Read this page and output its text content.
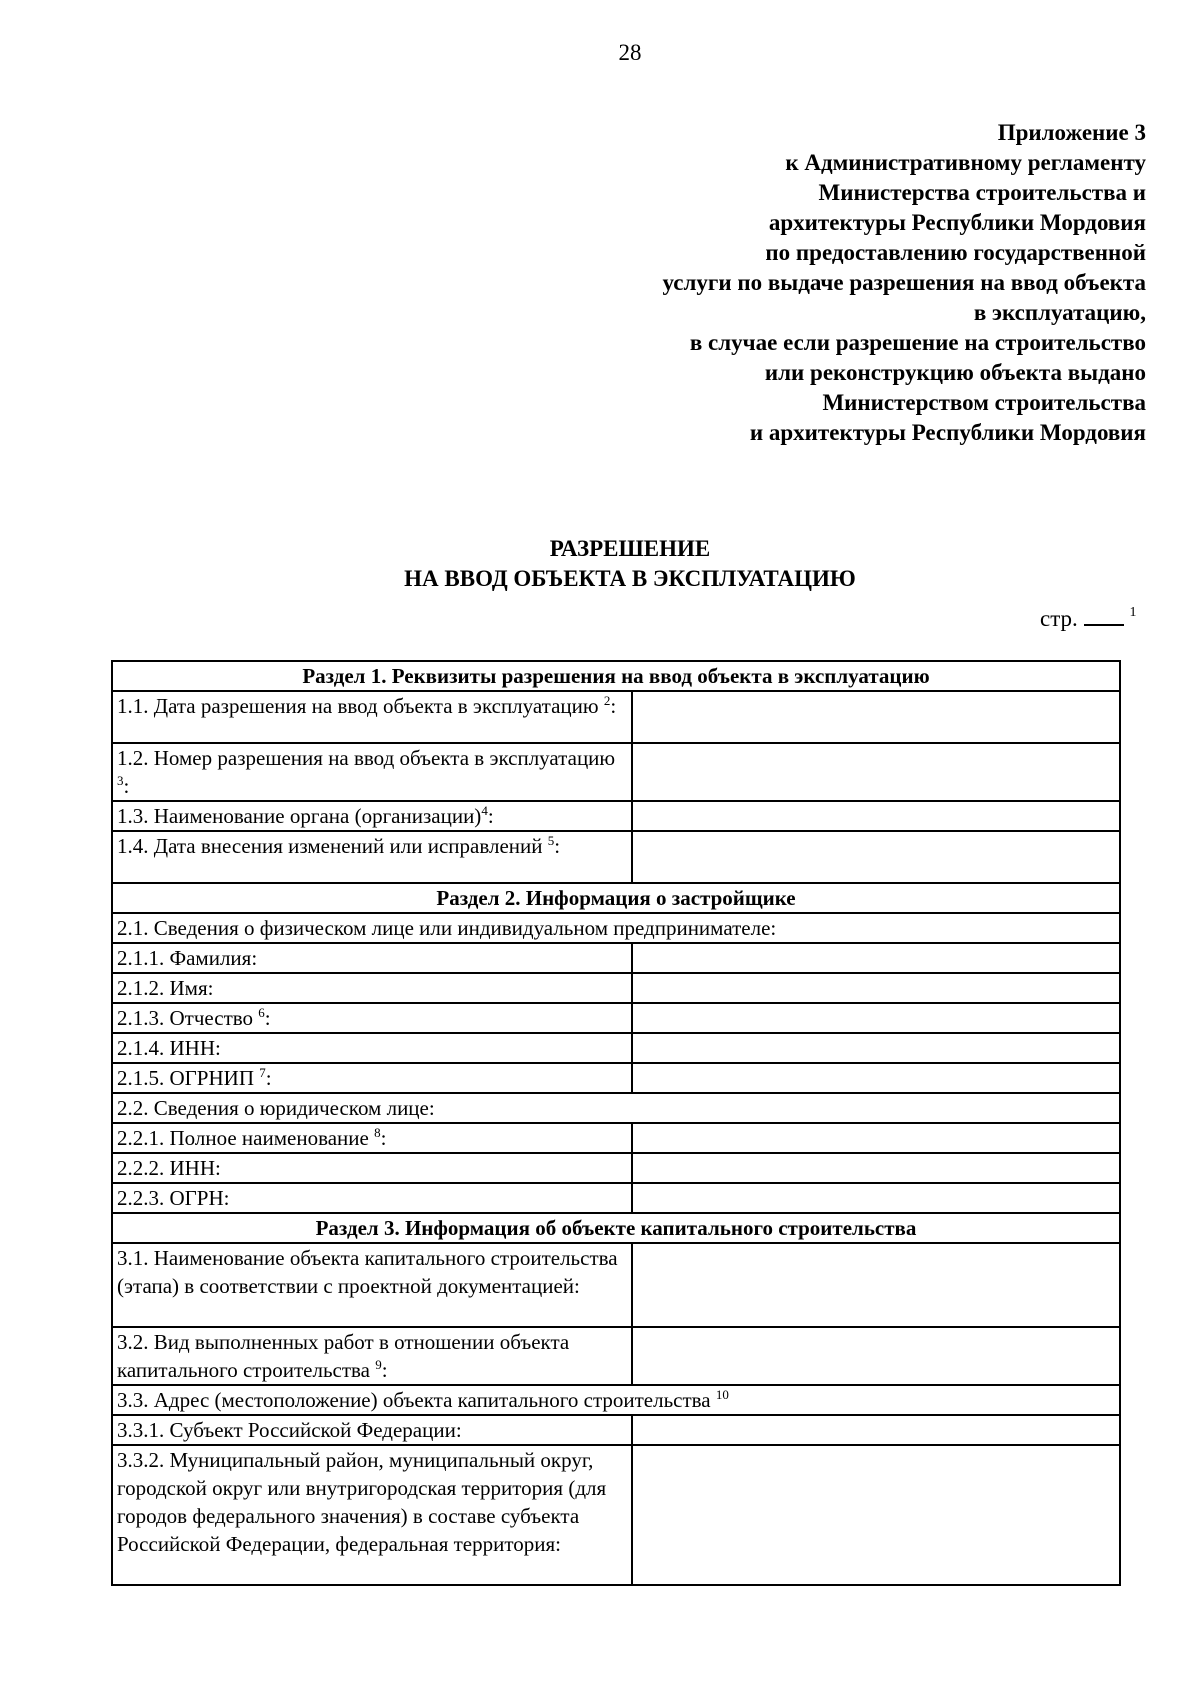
28
Приложение 3
к Административному регламенту
Министерства строительства и
архитектуры Республики Мордовия
по предоставлению государственной
услуги по выдаче разрешения на ввод объекта
в эксплуатацию,
в случае если разрешение на строительство
или реконструкцию объекта выдано
Министерством строительства
и архитектуры Республики Мордовия
РАЗРЕШЕНИЕ
НА ВВОД ОБЪЕКТА В ЭКСПЛУАТАЦИЮ
стр.	$^1$
Раздел 1. Реквизиты разрешения на ввод объекта в эксплуатацию	
1.1. Дата разрешения на ввод объекта в эксплуатацию $^2$:	
1.2. Номер разрешения на ввод объекта в эксплуатацию $^3$:	
1.3. Наименование органа (организации)$^4$:	
1.4. Дата внесения изменений или исправлений $^5$:	
Раздел 2. Информация о застройщике	
2.1. Сведения о физическом лице или индивидуальном предпринимателе:	
2.1.1. Фамилия:	
2.1.2. Имя:	
2.1.3. Отчество $^6$:	
2.1.4. ИНН:	
2.1.5. ОГРНИП $^7$:	
2.2. Сведения о юридическом лице:	
2.2.1. Полное наименование $^8$:	
2.2.2. ИНН:	
2.2.3. ОГРН:	
Раздел 3. Информация об объекте капитального строительства	
3.1. Наименование объекта капитального строительства (этапа) в соответствии с проектной документацией:	
3.2. Вид выполненных работ в отношении объекта капитального строительства $^9$:	
3.3. Адрес (местоположение) объекта капитального строительства $^{10}$
3.3.1. Субъект Российской Федерации:	
3.3.2. Муниципальный район, муниципальный округ, городской округ или внутригородская территория (для городов федерального значения) в составе субъекта Российской Федерации, федеральная территория:	
